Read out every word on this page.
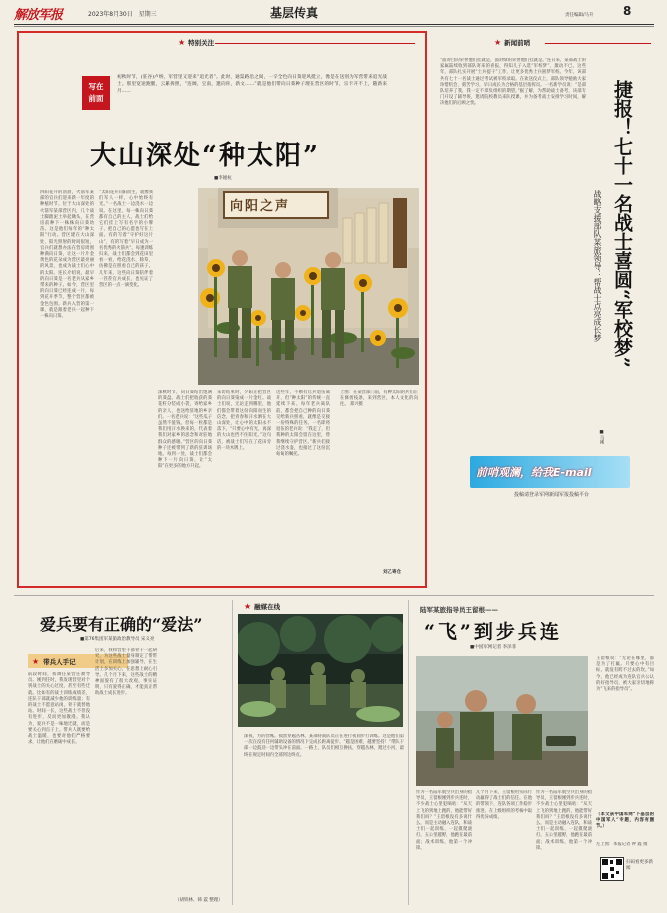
解放军报	2023年8月30日 星期三	基层传真	责任编辑/马升 8
★ 特别关注
写在
前面
初秋时节，(驻谷)卢纳，军营里又迎来“追光者”。此时，通渠路沿之间，一辛全色向日葵迎风挺立，像是在送别为军营带来追光战士。那里宽途跑腿，云累拆照，“连阔，宝南，邀向你，新文……”就是他们带向日葵种子理在营区的时节，宗卡开不上，随新来月……
大山深处“种太阳”
■李娅杭
向阳之声
四阳花开的清晨，火箭军某部的官兵们迎来新一年度的种植时节。位于大山深处的火箭军某部营区内，几个战士脚踏泥土举起锄头，在营房前种下一株株向日葵幼苗。这是他们每年的“种太阳”行动。营区建在大山深处，阳光照射的时间很短，官兵们就想办法在营房周围种满向日葵，让这一片片金黄色的花朵成为营区最亮丽的风景，也成为战士们心中的太阳。连长介绍说，最早的向日葵是一名老兵从家乡带来的种子。如今，营区里的向日葵已经连成一片，每到花开季节，整个营区都被金色包围。新兵入营的第一课，就是跟着老兵一起种下一株向日葵。
“太阳花开向阳而生，就像我们军人一样，心中始终有光。”一名战士一边浇水一边说。在这里，每一株向日葵都有自己的主人，战士们给它们挂上写有名字的小牌子，把自己的心愿也写在上面。有的写着“守护好这片山”，有的写着“早日成为一名优秀的火箭兵”。每逢训练归来，战士们都会到花田里看一看，给花浇水、除草，仿佛是在照看自己的孩子。几年来，这些向日葵陪伴着一茬茬官兵成长，也见证了营区的一点一滴变化。
深秋时节，向日葵结出饱满的葵盘。战士们把收获的葵花籽分装成小袋，寄给家乡的亲人，也送给驻地的乡亲们。一名老兵说：“这些瓜子虽然不值钱，但每一粒都是我们用汗水换来的，代表着我们对家乡的思念和对驻地群众的感谢。”营区的向日葵种子还被带到了新的驻训场地。每到一处，战士们都会种下一片向日葵，让“太阳”在更多的地方升起。
采访结束时，夕阳正把营区的向日葵染成一片金红。战士们说，无论走到哪里，他们都会带着这份向阳而生的信念，把青春和汗水洒在大山深处，让心中的太阳永不落下。“只要心中有光，再深的大山也挡不住阳光。”这句话，被战士们写在了花田旁的一块木牌上。
这些年，不断有官兵退伍离开，但“种太阳”的传统一直延续下来。每年老兵离队前，都会把自己种的向日葵交给新兵照看，就像是交接一份特殊的任务。一名即将退伍的老兵说：“我走了，但我种的太阳会留在这里，替我继续守护营区。”新兵们接过浇水壶，也接过了这份沉甸甸的嘱托。
上图：在某营部门前，有种太阳的兵们正在修剪枝条，来到营区，本人文化的向往。 郑兴摄
刘乙寄仓
★ 新闻前哨
“面对白的荣誉他们挂就是，面对绿的荣誉他们挂就是。”连日来，某部战士的家属陆续收到部队寄来的喜报，得知儿子入选“军校梦”，激动不已。这些年，部队扎实开展“士兵提干”工作，让更多优秀士兵圆梦军校。今年，该部共有七十一名战士通过考试被军校录取。在欢送仪式上，部队领导勉励大家珍惜机会、刻苦学习，早日成长为合格的基层指挥员。一名新学员说：“是部队培养了我，我一定不辜负组织的期望。”据了解，为帮助战士备考，该部专门开设了辅导班，邀请院校教员来队授课，并为备考战士安排学习时间，解决他们的后顾之忧。	捷报！七十一名战士喜圆“军校梦”
战略支援部队某旅领导：帮战士点亮成长梦
■马刚
前哨观澜，给我E-mail
投稿请登录军网新闻军报投稿平台
爱兵要有正确的“爱法”
■第76集团军某旅政治教导员 宋义亮
★ 带兵人手记
前段时间，我调任某营任教导员。刚到任时，我发现营里对个别战士的关心过度，甚至有些迁就。比如有的战士训练成绩差，连队干部就减少他的训练量；有的战士不愿意站岗，骨干就替他站。时间一长，这些战士不但没有进步，反而更加散漫。我认为，爱兵不是一味地迁就，而是要关心到点子上。带兵人既要给战士温暖，也要对他们严格要求，让他们在磨砺中成长。
后来，我和营里干部骨干一起研究，为这些战士量身制定了帮带计划，在训练上加强辅导，在生活上多加关心，在思想上耐心引导。几个月下来，这些战士的精神面貌有了很大改观。事实证明，只有爱得正确，才能真正帮助战士成长进步。
（胡铁林、韩 震 整理）
★ 融媒在线
深夜，方的营帐。摸黑穿越丛林，某部特战队员正在进行夜间步行训练。这是他们第一次在没有任何辅助设备的情况下完成长距离徒步。“越是困难，越要坚持！”带队干部一边鼓劲一边带头冲在前面。一路上，队员们相互搀扶，穿越丛林、蹚过小河，最终在规定时间内全部到达终点。
陆军某旅指导员王留根——
“飞”到步兵连
■中国军网记者 李泽菲
作为一名陆军航空兵出身的指导员，王留根刚到步兵连时，不少战士心里犯嘀咕：“从天上飞的到地上跑的，他能带好我们吗？”王留根没有多说什么，而是主动融入连队，和战士们一起训练、一起摸爬滚打。五公里越野，他跑在最前面；战术训练，他第一个冲锋。
几个月下来，王留根用实际行动赢得了战士们的信任。在他的带领下，连队各项工作稳步推进，在上级组织的考核中取得优异成绩。
王留根说：“无论在哪里，都是为了打赢。只要心中有目标，就没有跨不过去的坎。”如今，他已经成为连队官兵公认的好指导员，被大家亲切地称为“飞来的指导员”。
作为一名陆军航空兵出身的指导员，王留根刚到步兵连时，不少战士心里犯嘀咕：“从天上飞的到地上跑的，他能带好我们吗？”王留根没有多说什么，而是主动融入连队，和战士们一起训练、一起摸爬滚打。五公里越野，他跑在最前面；战术训练，他第一个冲锋。
（本文获中国军网“下基层的中国军人”专题，内容有删节。）
左上图：本报记者 钟 鑫 摄
扫码看更多新闻
